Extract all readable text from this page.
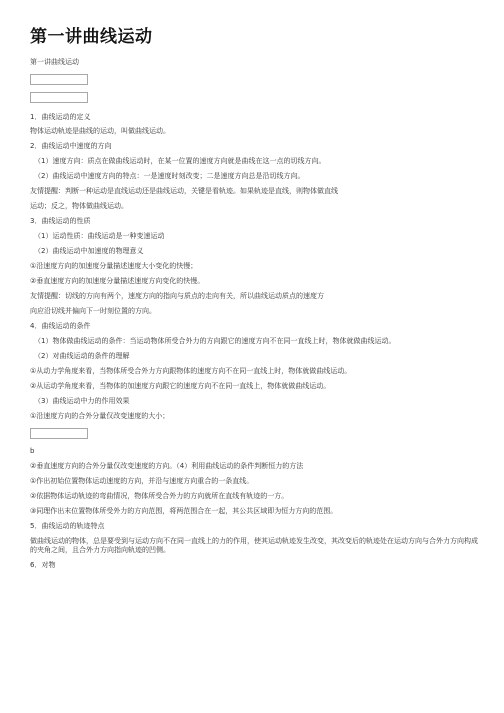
第一讲曲线运动

第一讲曲线运动

1．曲线运动的定义

物体运动轨迹是曲线的运动，叫做曲线运动。

2．曲线运动中速度的方向

（1）速度方向：质点在做曲线运动时，在某一位置的速度方向就是曲线在这一点的切线方向。

（2）曲线运动中速度方向的特点：一是速度时刻改变；二是速度方向总是沿切线方向。

友情提醒：判断一种运动是直线运动还是曲线运动，关键是看轨迹。如果轨迹是直线，则物体做直线

运动；反之，物体做曲线运动。

3．曲线运动的性质

（1）运动性质：曲线运动是一种变速运动

（2）曲线运动中加速度的物理意义

①沿速度方向的加速度分量描述速度大小变化的快慢；

②垂直速度方向的加速度分量描述速度方向变化的快慢。

友情提醒：切线的方向有两个，速度方向的指向与质点的走向有关，所以曲线运动质点的速度方

向应沿切线并偏向下一时刻位置的方向。

4．曲线运动的条件

（1）物体做曲线运动的条件：当运动物体所受合外力的方向跟它的速度方向不在同一直线上时，物体就做曲线运动。

（2）对曲线运动的条件的理解

①从动力学角度来看，当物体所受合外力方向跟物体的速度方向不在同一直线上时，物体就做曲线运动。

②从运动学角度来看，当物体的加速度方向跟它的速度方向不在同一直线上，物体就做曲线运动。

（3）曲线运动中力的作用效果

①沿速度方向的合外分量仅改变速度的大小；

b

②垂直速度方向的合外分量仅改变速度的方向。（4）利用曲线运动的条件判断恒力的方法

①作出初始位置物体运动速度的方向，并沿与速度方向重合的一条直线。

②依据物体运动轨迹的弯曲情况，物体所受合外力的方向就所在直线有轨迹的一方。

③同理作出末位置物体所受外力的方向范围，将两范围合在一起，其公共区域即为恒力方向的范围。

5．曲线运动的轨迹特点

做曲线运动的物体，总是要受到与运动方向不在同一直线上的力的作用，使其运动轨迹发生改变，其改变后的轨迹处在运动方向与合外力方向构成的夹角之间，且合外力方向指向轨迹的凹侧。

6．对物
